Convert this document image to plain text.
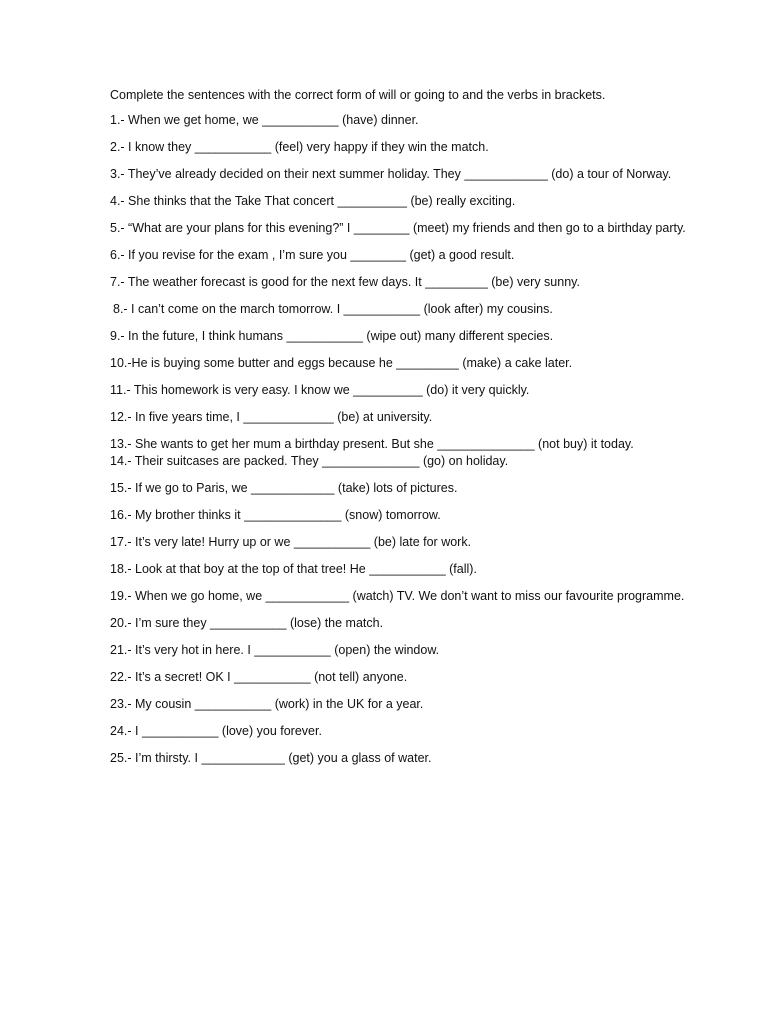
Complete the sentences with the correct form of will or going to and the verbs in brackets.

1.- When we get home, we ___________ (have) dinner.

2.- I know they ___________ (feel) very happy if they win the match.

3.- They’ve already decided on their next summer holiday. They ____________ (do) a tour of Norway.

4.- She thinks that the Take That concert __________ (be) really exciting.

5.- “What are your plans for this evening?” I ________ (meet) my friends and then go to a birthday party.

6.- If you revise for the exam , I’m sure you ________ (get) a good result.

7.- The weather forecast is good for the next few days. It _________ (be) very sunny.

8.- I can’t come on the march tomorrow. I ___________ (look after) my cousins.

9.- In the future, I think humans ___________ (wipe out) many different species.

10.-He is buying some butter and eggs because he _________ (make) a cake later.

11.- This homework is very easy. I know we __________ (do) it very quickly.

12.- In five years time, I _____________ (be) at university.

13.- She wants to get her mum a birthday present. But she ______________ (not buy) it today.

14.- Their suitcases are packed. They ______________ (go) on holiday.

15.- If we go to Paris, we ____________ (take) lots of pictures.

16.- My brother thinks it ______________ (snow) tomorrow.

17.- It’s very late! Hurry up or we ___________ (be) late for work.

18.- Look at that boy at the top of that tree! He ___________ (fall).

19.- When we go home, we ____________ (watch) TV. We don’t want to miss our favourite programme.

20.- I’m sure they ___________ (lose) the match.

21.- It’s very hot in here. I ___________ (open) the window.

22.- It’s a secret! OK I ___________ (not tell) anyone.

23.- My cousin ___________ (work) in the UK for a year.

24.- I ___________ (love) you forever.

25.- I’m thirsty. I ____________ (get) you a glass of water.
